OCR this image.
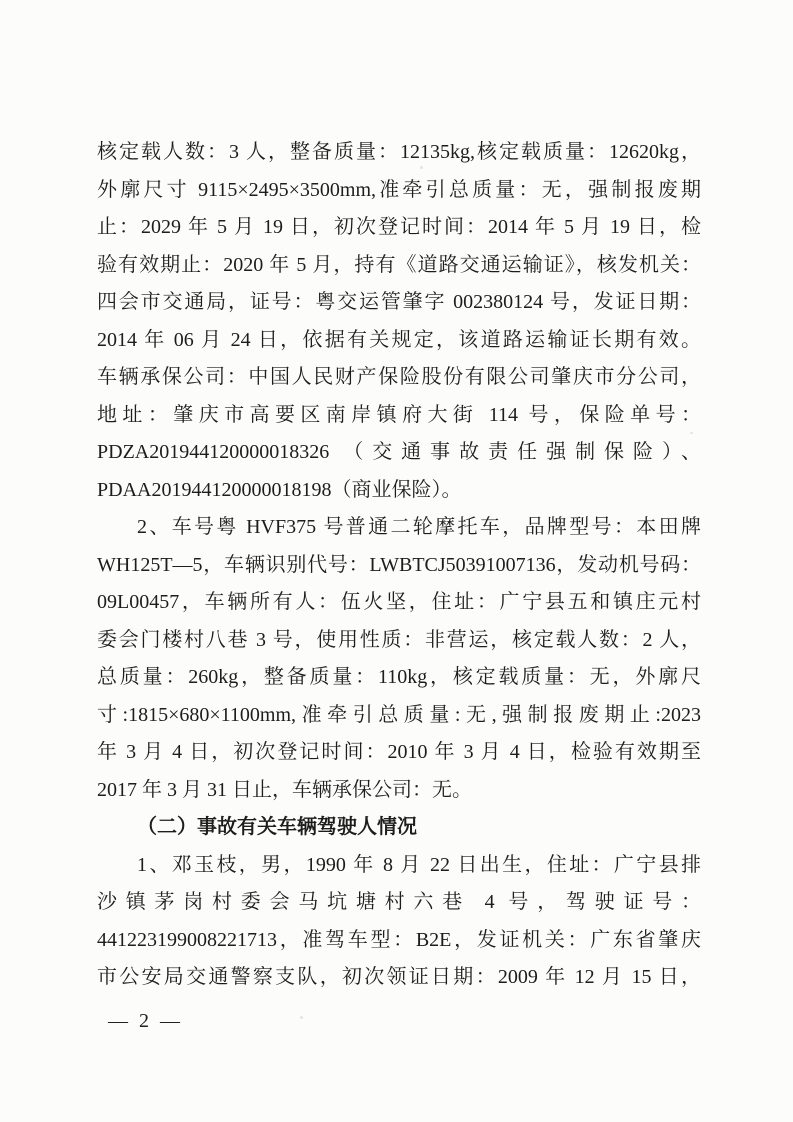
核定载人数：3 人，整备质量：12135kg,核定载质量：12620kg，

外廓尺寸 9115×2495×3500mm,准牵引总质量：无，强制报废期

止：2029 年 5 月 19 日，初次登记时间：2014 年 5 月 19 日，检

验有效期止：2020 年 5 月，持有《道路交通运输证》，核发机关：

四会市交通局，证号：粤交运管肇字 002380124 号，发证日期：

2014 年 06 月 24 日，依据有关规定，该道路运输证长期有效。

车辆承保公司：中国人民财产保险股份有限公司肇庆市分公司，

地址：肇庆市高要区南岸镇府大街 114 号，保险单号：

PDZA201944120000018326 （交通事故责任强制保险）、

PDAA201944120000018198（商业保险）。

2、车号粤 HVF375 号普通二轮摩托车，品牌型号：本田牌

WH125T—5，车辆识别代号：LWBTCJ50391007136，发动机号码：

09L00457，车辆所有人：伍火坚，住址：广宁县五和镇庄元村

委会门楼村八巷 3 号，使用性质：非营运，核定载人数：2 人，

总质量：260kg，整备质量：110kg，核定载质量：无，外廓尺

寸:1815×680×1100mm,准牵引总质量:无,强制报废期止:2023

年 3 月 4 日，初次登记时间：2010 年 3 月 4 日，检验有效期至

2017 年 3 月 31 日止，车辆承保公司：无。

（二）事故有关车辆驾驶人情况

1、邓玉枝，男，1990 年 8 月 22 日出生，住址：广宁县排

沙镇茅岗村委会马坑塘村六巷 4 号，驾驶证号：

441223199008221713，准驾车型：B2E，发证机关：广东省肇庆

市公安局交通警察支队，初次领证日期：2009 年 12 月 15 日，

— 2 —
